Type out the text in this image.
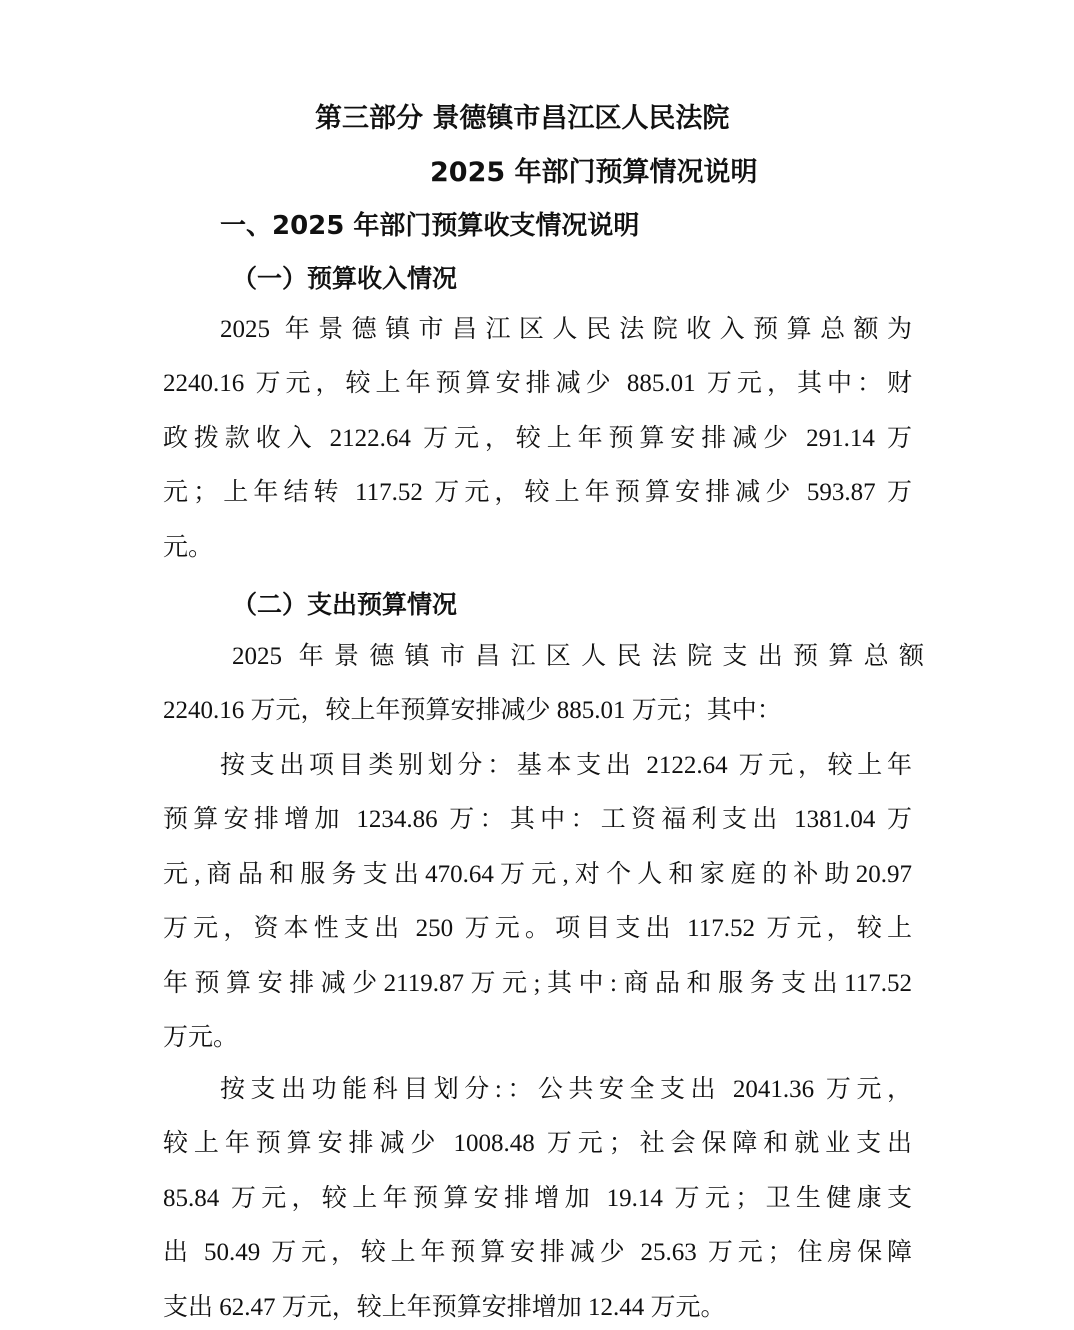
第三部分 景德镇市昌江区人民法院
2025 年部门预算情况说明
一、2025 年部门预算收支情况说明
（一）预算收入情况
（二）支出预算情况
2025 年景德镇市昌江区人民法院收入预算总额为
2240.16 万元，较上年预算安排减少 885.01 万元，其中：财
政拨款收入 2122.64 万元，较上年预算安排减少 291.14 万
元；上年结转 117.52 万元，较上年预算安排减少 593.87 万
元。
2025 年景德镇市昌江区人民法院支出预算总额
2240.16 万元，较上年预算安排减少 885.01 万元；其中：
按支出项目类别划分：基本支出 2122.64 万元，较上年
预算安排增加 1234.86 万：其中：工资福利支出 1381.04 万
元,商品和服务支出470.64万元,对个人和家庭的补助20.97
万元，资本性支出 250 万元。项目支出 117.52 万元，较上
年预算安排减少2119.87万元;其中:商品和服务支出117.52
万元。
按支出功能科目划分:：公共安全支出 2041.36 万元，
较上年预算安排减少 1008.48 万元；社会保障和就业支出
85.84 万元，较上年预算安排增加 19.14 万元；卫生健康支
出 50.49 万元，较上年预算安排减少 25.63 万元；住房保障
支出 62.47 万元，较上年预算安排增加 12.44 万元。
